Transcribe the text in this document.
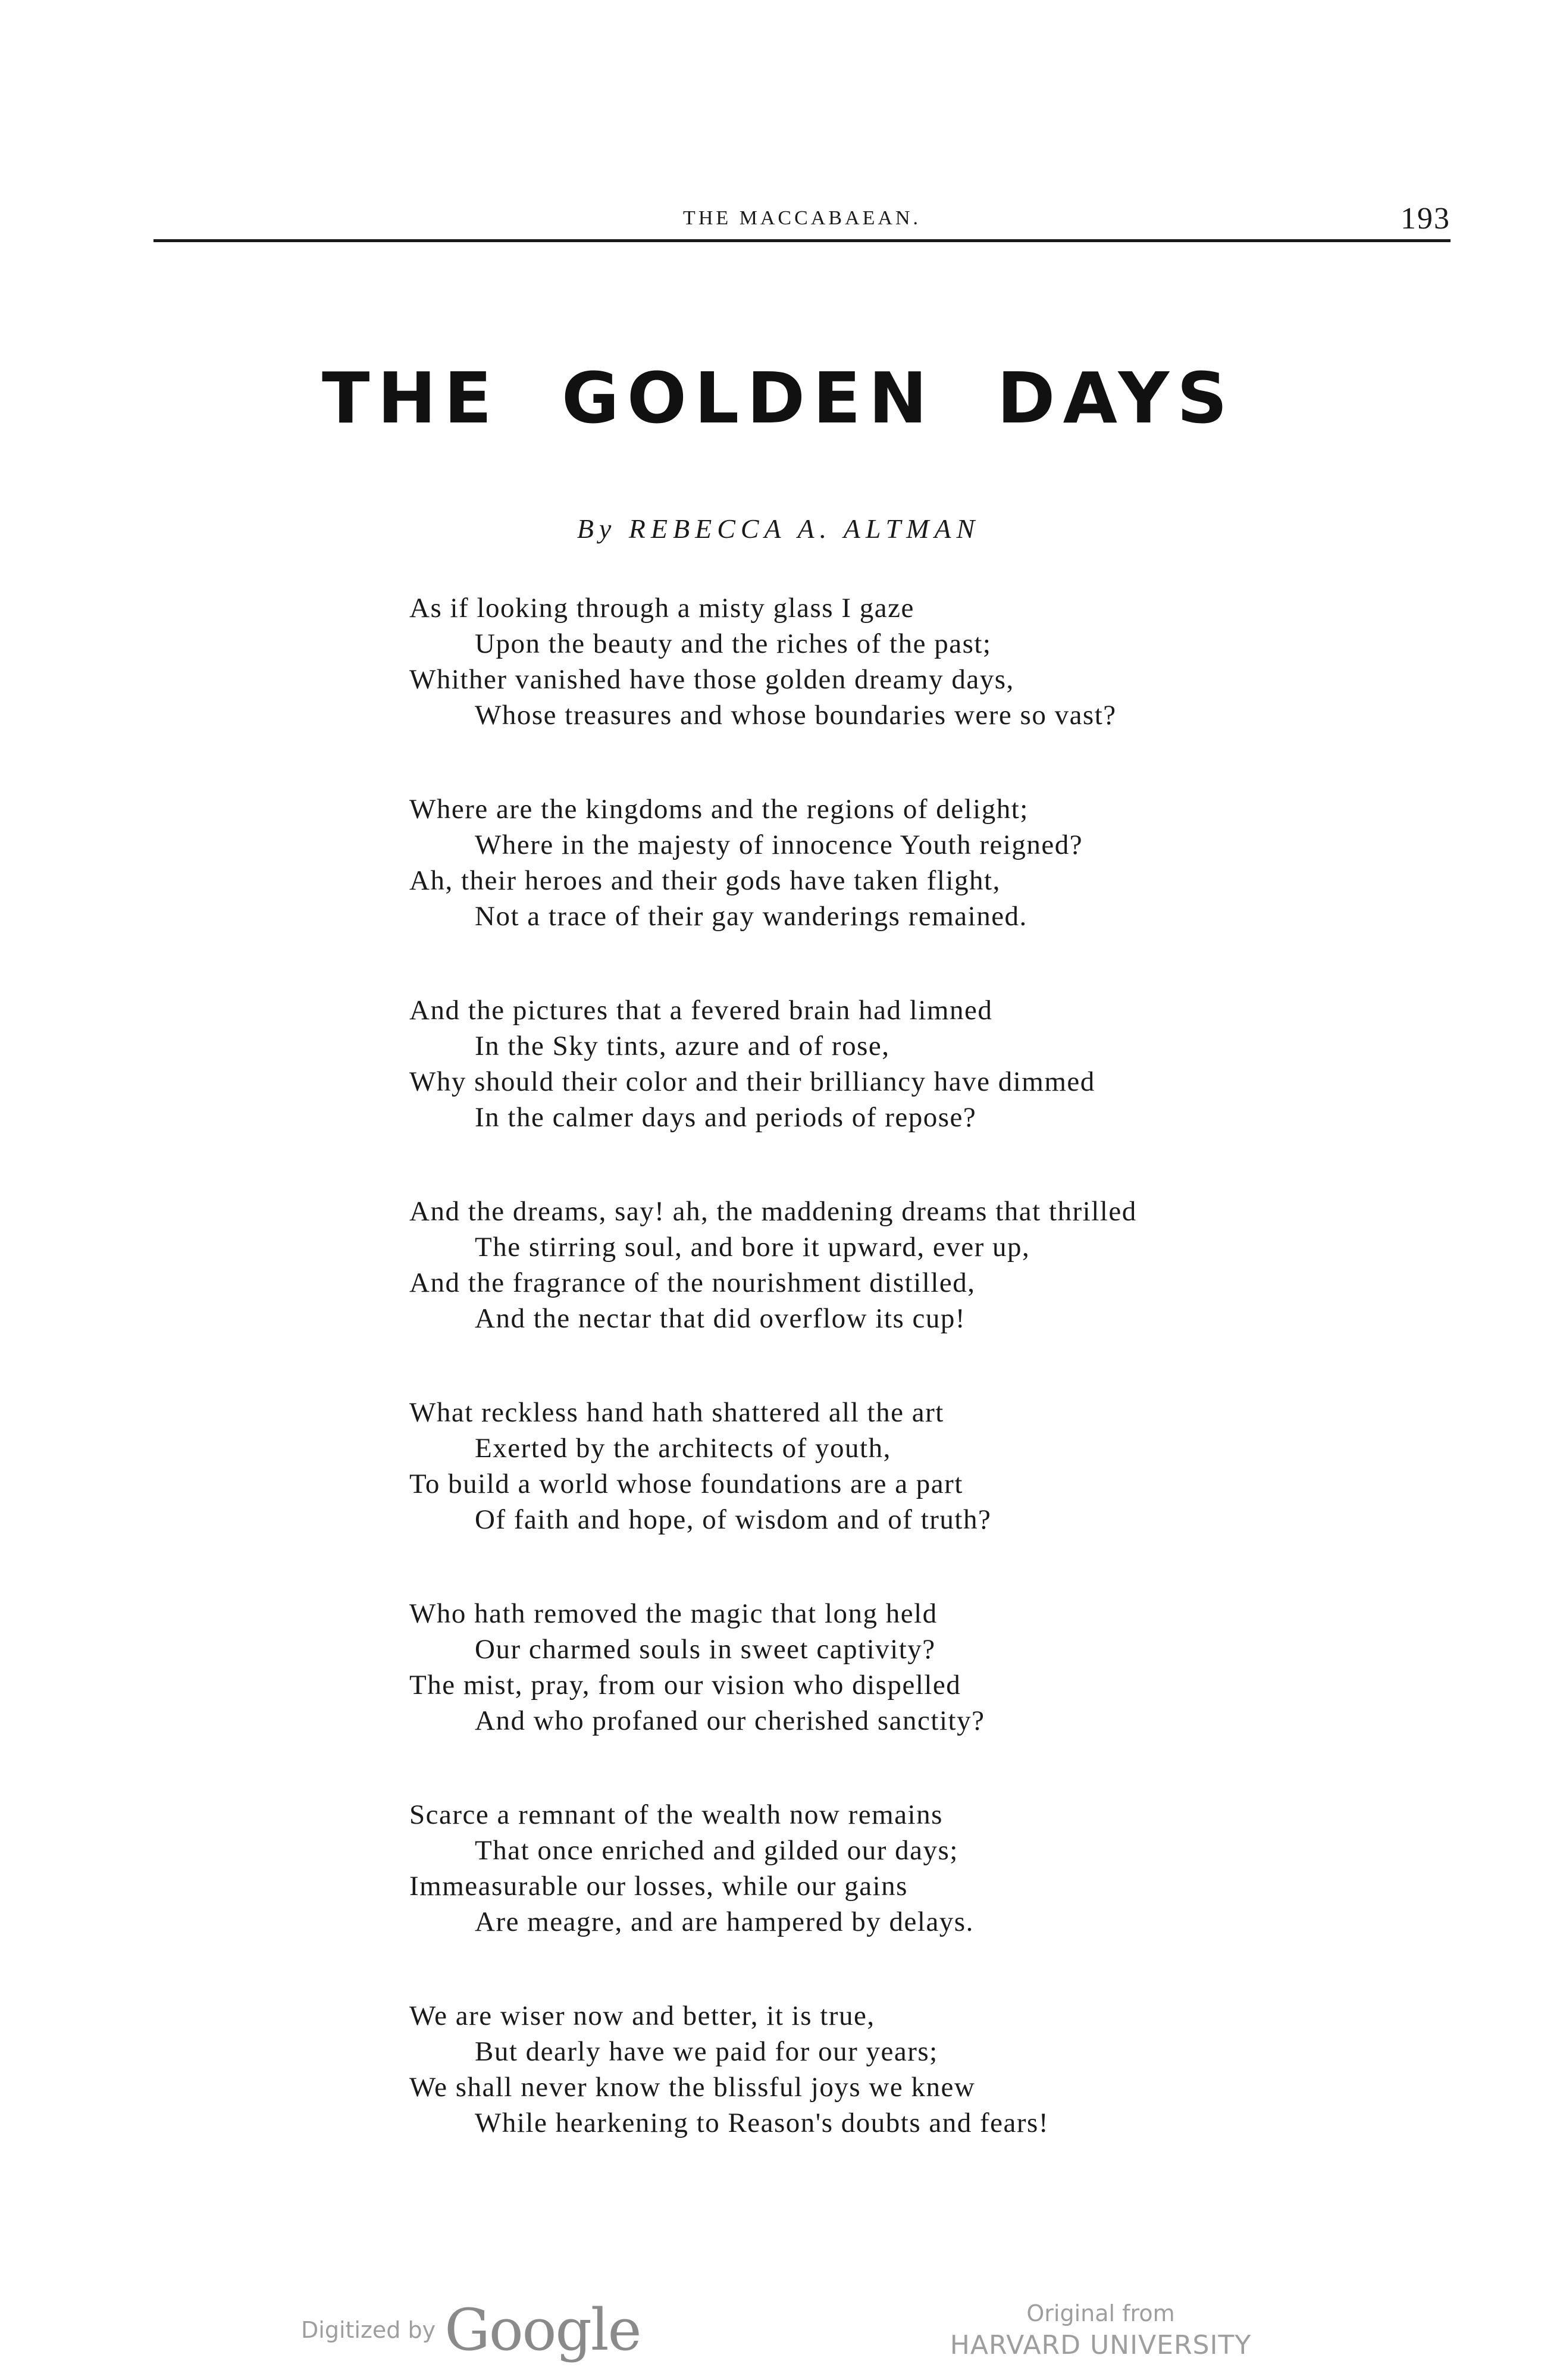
THE MACCABAEAN.	193
THE GOLDEN DAYS
By REBECCA A. ALTMAN
As if looking through a misty glass I gaze
Upon the beauty and the riches of the past;
Whither vanished have those golden dreamy days,
Whose treasures and whose boundaries were so vast?
Where are the kingdoms and the regions of delight;
Where in the majesty of innocence Youth reigned?
Ah, their heroes and their gods have taken flight,
Not a trace of their gay wanderings remained.
And the pictures that a fevered brain had limned
In the Sky tints, azure and of rose,
Why should their color and their brilliancy have dimmed
In the calmer days and periods of repose?
And the dreams, say! ah, the maddening dreams that thrilled
The stirring soul, and bore it upward, ever up,
And the fragrance of the nourishment distilled,
And the nectar that did overflow its cup!
What reckless hand hath shattered all the art
Exerted by the architects of youth,
To build a world whose foundations are a part
Of faith and hope, of wisdom and of truth?
Who hath removed the magic that long held
Our charmed souls in sweet captivity?
The mist, pray, from our vision who dispelled
And who profaned our cherished sanctity?
Scarce a remnant of the wealth now remains
That once enriched and gilded our days;
Immeasurable our losses, while our gains
Are meagre, and are hampered by delays.
We are wiser now and better, it is true,
But dearly have we paid for our years;
We shall never know the blissful joys we knew
While hearkening to Reason's doubts and fears!
Digitized by Google	Original from
HARVARD UNIVERSITY
